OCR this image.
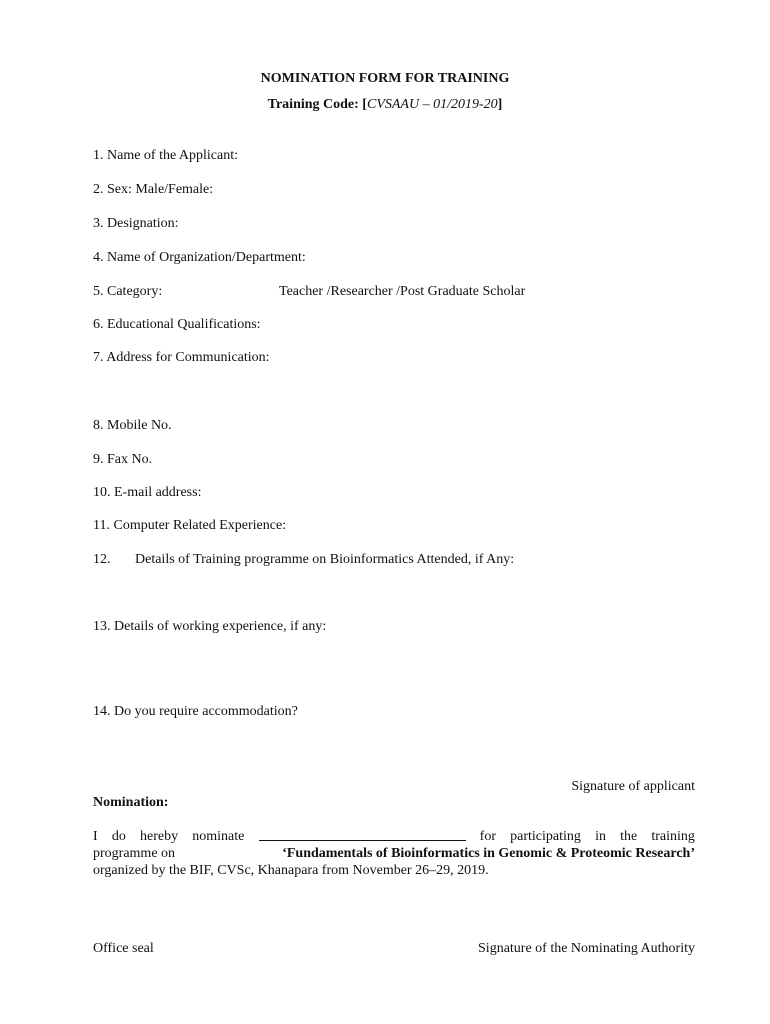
NOMINATION FORM FOR TRAINING
Training Code: [CVSAAU – 01/2019-20]
1. Name of the Applicant:
2. Sex: Male/Female:
3. Designation:
4. Name of Organization/Department:
5. Category:	Teacher /Researcher /Post Graduate Scholar
6. Educational Qualifications:
7. Address for Communication:
8. Mobile No.
9. Fax No.
10. E-mail address:
11. Computer Related Experience:
12. Details of Training programme on Bioinformatics Attended, if Any:
13. Details of working experience, if any:
14. Do you require accommodation?
Signature of applicant
Nomination:
I do hereby nominate	for participating in the training
programme on	‘Fundamentals of Bioinformatics in Genomic & Proteomic Research’
organized by the BIF, CVSc, Khanapara from November 26–29, 2019.
Office seal	Signature of the Nominating Authority
